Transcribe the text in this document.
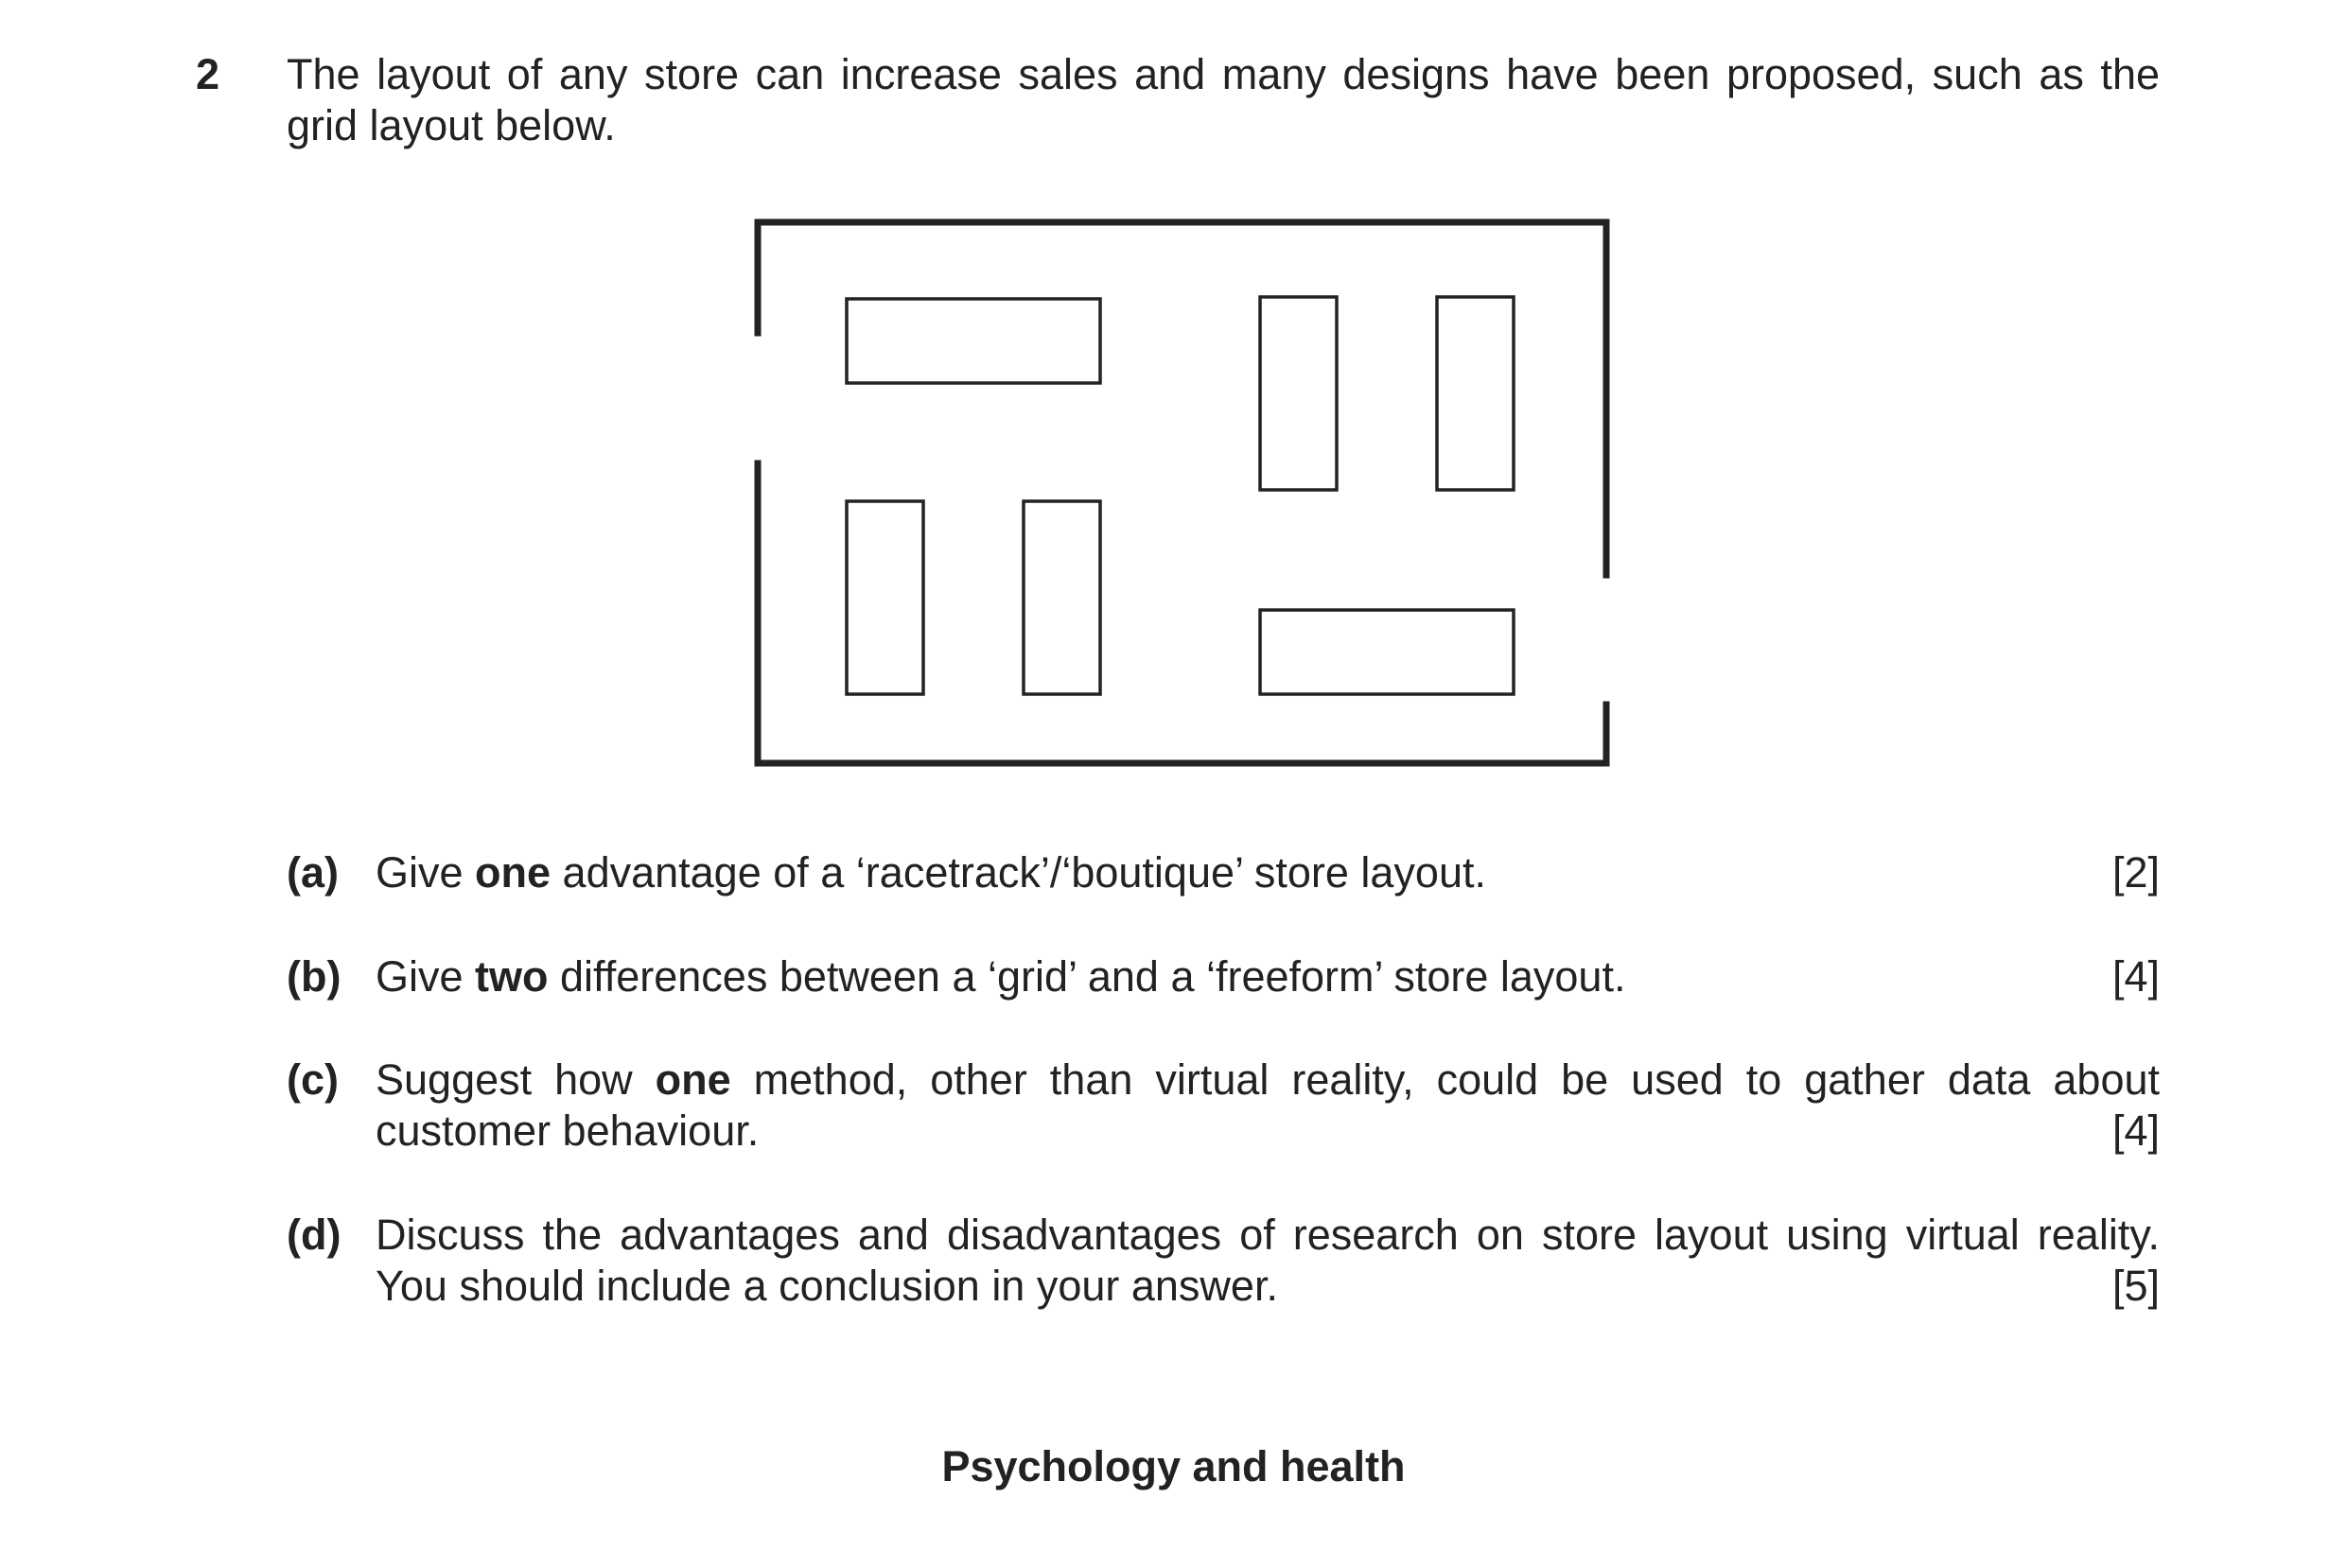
2 The layout of any store can increase sales and many designs have been proposed, such as the grid layout below.

(a) Give one advantage of a ‘racetrack’/‘boutique’ store layout.	[2]
(b) Give two differences between a ‘grid’ and a ‘freeform’ store layout.	[4]
(c) Suggest how one method, other than virtual reality, could be used to gather data about customer behaviour.	[4]
(d) Discuss the advantages and disadvantages of research on store layout using virtual reality. You should include a conclusion in your answer.	[5]

Psychology and health
